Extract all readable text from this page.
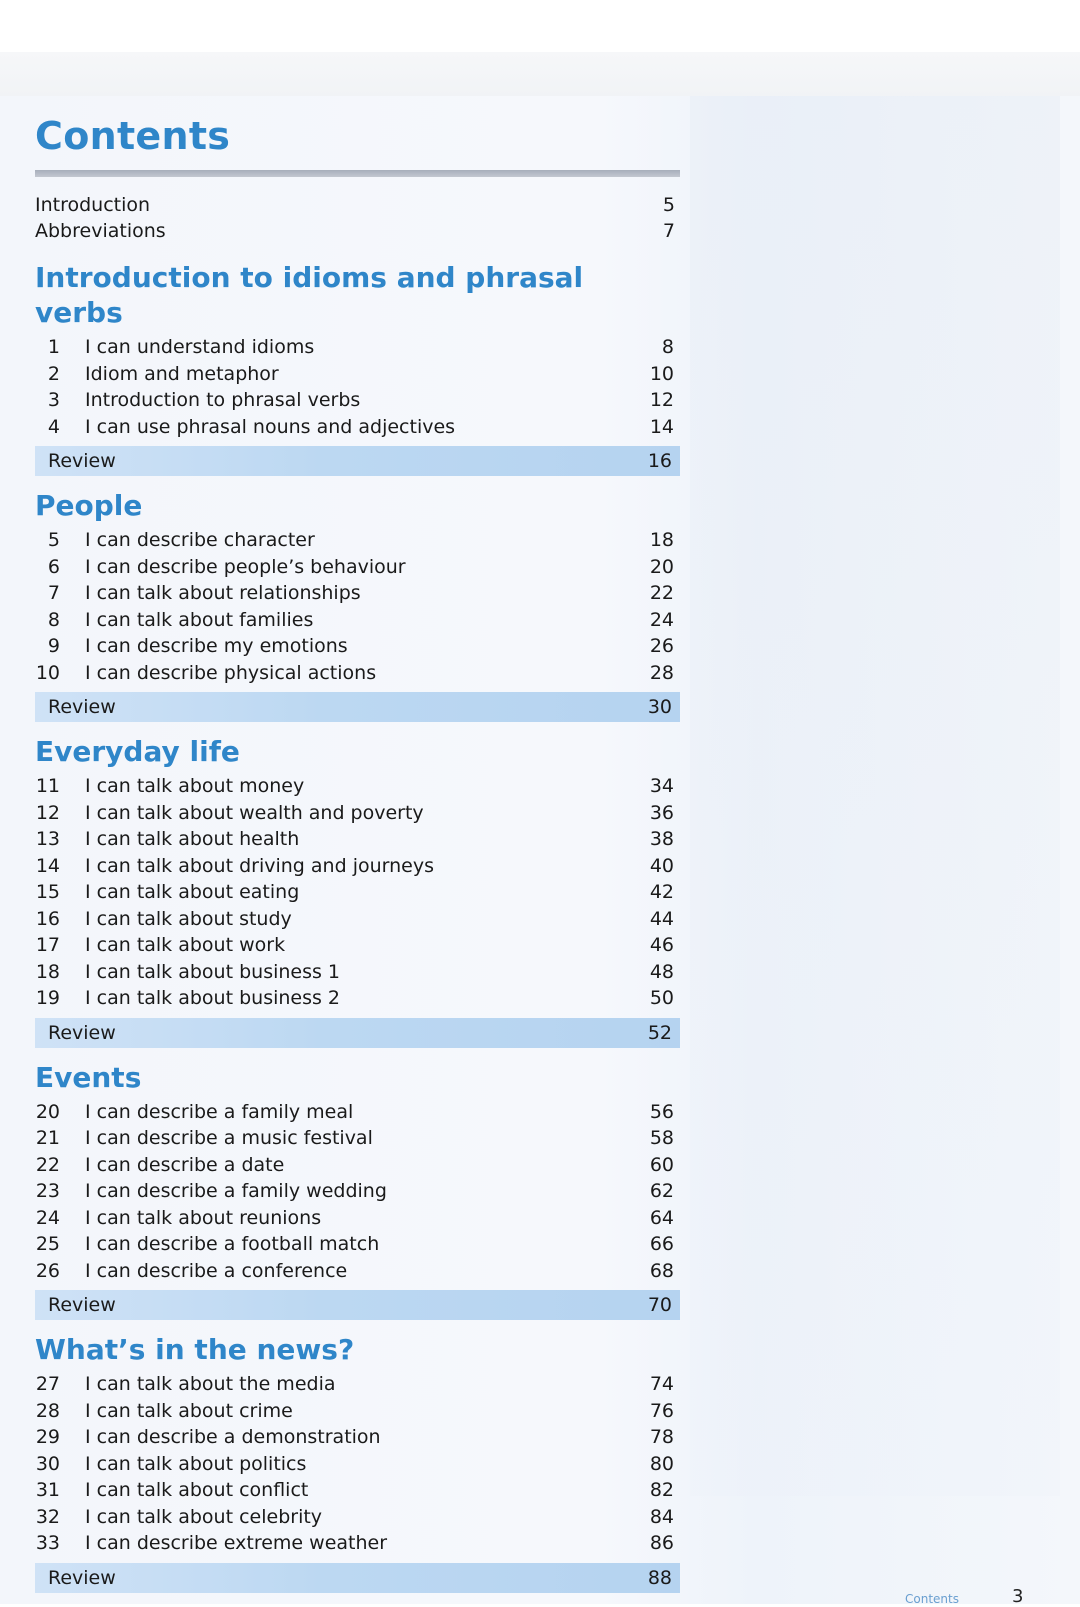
Contents
Introduction	5
Abbreviations	7
Introduction to idioms and phrasal verbs
1 I can understand idioms	8
2 Idiom and metaphor	10
3 Introduction to phrasal verbs	12
4 I can use phrasal nouns and adjectives	14
Review	16
People
5 I can describe character	18
6 I can describe people’s behaviour	20
7 I can talk about relationships	22
8 I can talk about families	24
9 I can describe my emotions	26
10 I can describe physical actions	28
Review	30
Everyday life
11 I can talk about money	34
12 I can talk about wealth and poverty	36
13 I can talk about health	38
14 I can talk about driving and journeys	40
15 I can talk about eating	42
16 I can talk about study	44
17 I can talk about work	46
18 I can talk about business 1	48
19 I can talk about business 2	50
Review	52
Events
20 I can describe a family meal	56
21 I can describe a music festival	58
22 I can describe a date	60
23 I can describe a family wedding	62
24 I can talk about reunions	64
25 I can describe a football match	66
26 I can describe a conference	68
Review	70
What’s in the news?
27 I can talk about the media	74
28 I can talk about crime	76
29 I can describe a demonstration	78
30 I can talk about politics	80
31 I can talk about conflict	82
32 I can talk about celebrity	84
33 I can describe extreme weather	86
Review	88
Contents	3
